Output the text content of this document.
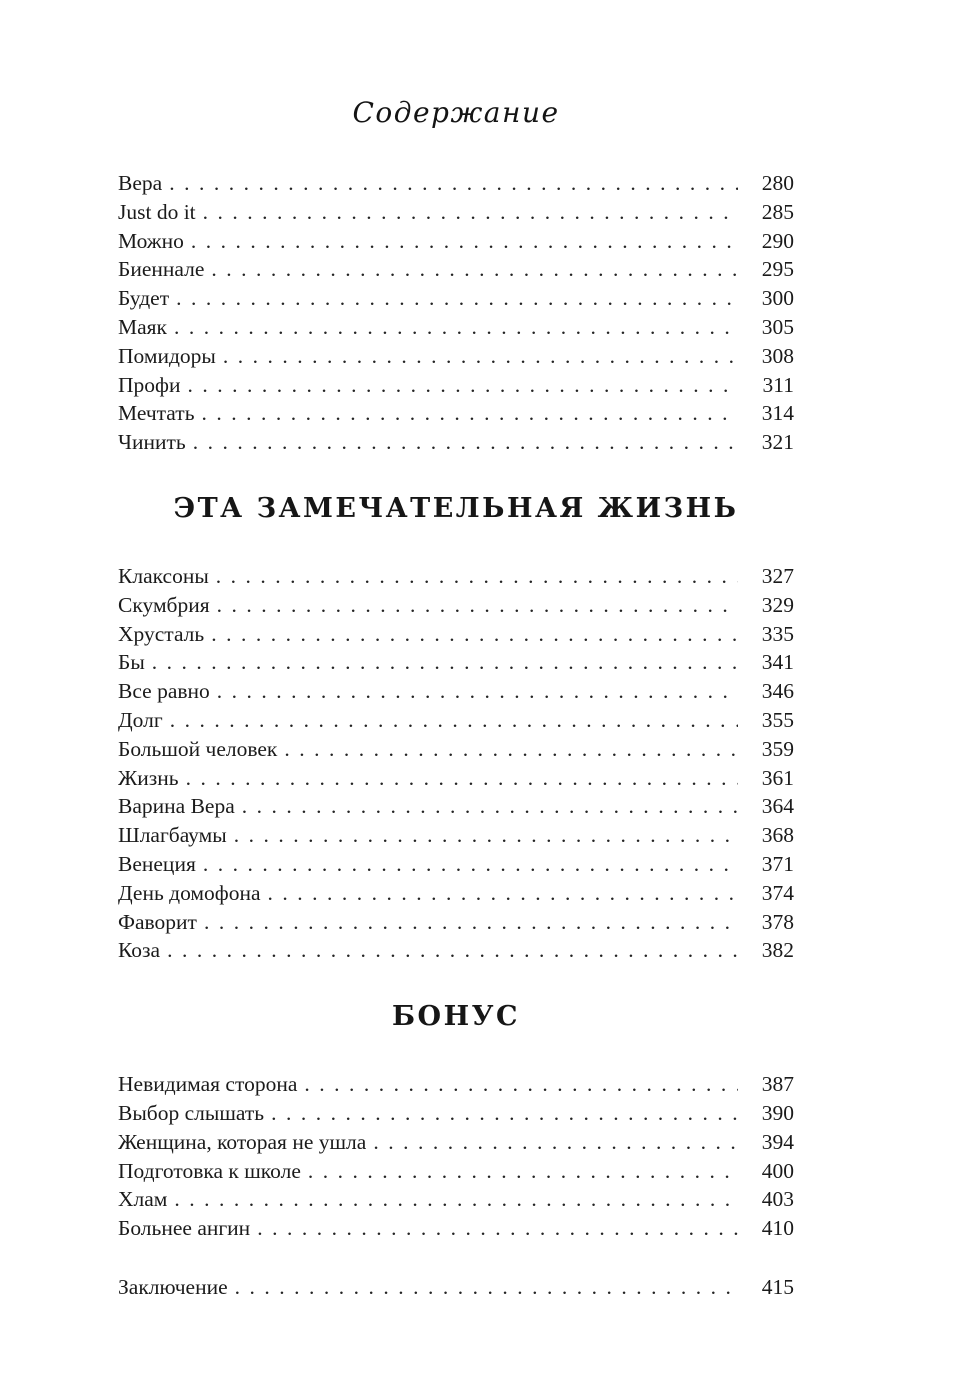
Содержание
Вера .....	280
Just do it .....	285
Можно .....	290
Биеннале .....	295
Будет .....	300
Маяк .....	305
Помидоры .....	308
Профи .....	311
Мечтать .....	314
Чинить .....	321
ЭТА ЗАМЕЧАТЕЛЬНАЯ ЖИЗНЬ
Клаксоны .....	327
Скумбрия .....	329
Хрусталь .....	335
Бы .....	341
Все равно .....	346
Долг .....	355
Большой человек .....	359
Жизнь .....	361
Варина Вера .....	364
Шлагбаумы .....	368
Венеция .....	371
День домофона .....	374
Фаворит .....	378
Коза .....	382
БОНУС
Невидимая сторона .....	387
Выбор слышать .....	390
Женщина, которая не ушла .....	394
Подготовка к школе .....	400
Хлам .....	403
Больнее ангин .....	410
Заключение .....	415
